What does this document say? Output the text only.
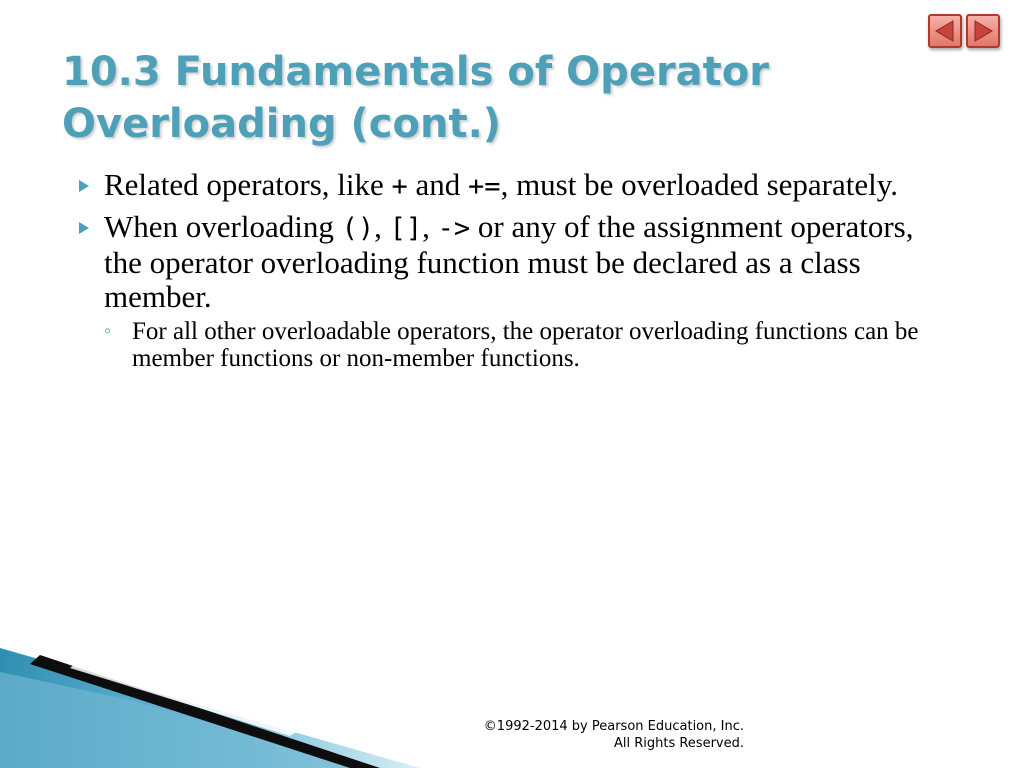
10.3 Fundamentals of Operator Overloading (cont.)
Related operators, like + and +=, must be overloaded separately.
When overloading (), [], -> or any of the assignment operators, the operator overloading function must be declared as a class member.
◦ For all other overloadable operators, the operator overloading functions can be member functions or non-member functions.
©1992-2014 by Pearson Education, Inc.
All Rights Reserved.
